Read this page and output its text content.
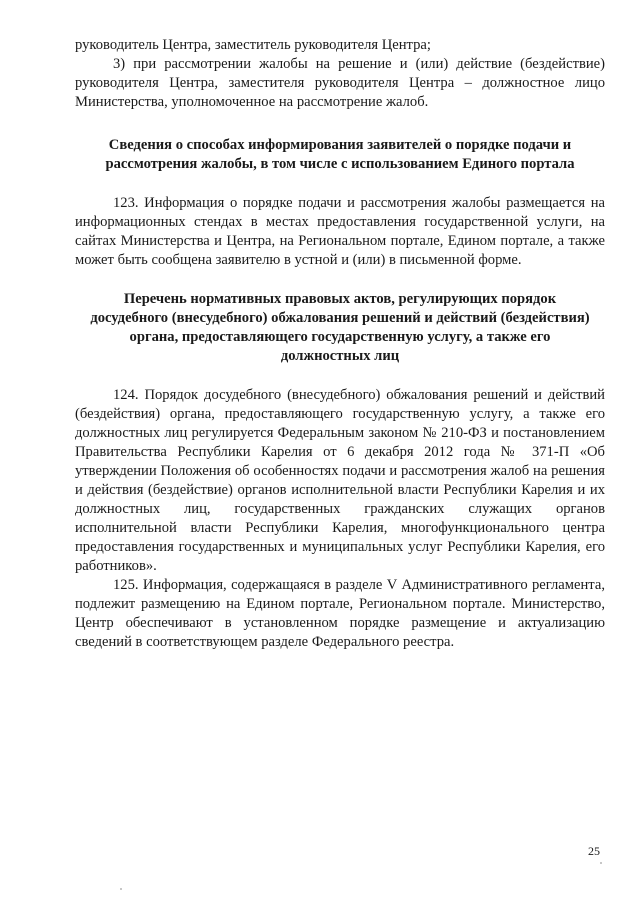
руководитель Центра, заместитель руководителя Центра;

3) при рассмотрении жалобы на решение и (или) действие (бездействие) руководителя Центра, заместителя руководителя Центра – должностное лицо Министерства, уполномоченное на рассмотрение жалоб.

Сведения о способах информирования заявителей о порядке подачи и

рассмотрения жалобы, в том числе с использованием Единого портала

123. Информация о порядке подачи и рассмотрения жалобы размещается на информационных стендах в местах предоставления государственной услуги, на сайтах Министерства и Центра, на Региональном портале, Едином портале, а также может быть сообщена заявителю в устной и (или) в письменной форме.

Перечень нормативных правовых актов, регулирующих порядок

досудебного (внесудебного) обжалования решений и действий (бездействия)

органа, предоставляющего государственную услугу, а также его

должностных лиц

124. Порядок досудебного (внесудебного) обжалования решений и действий (бездействия) органа, предоставляющего государственную услугу, а также его должностных лиц регулируется Федеральным законом № 210-ФЗ и постановлением Правительства Республики Карелия от 6 декабря 2012 года № 371-П «Об утверждении Положения об особенностях подачи и рассмотрения жалоб на решения и действия (бездействие) органов исполнительной власти Республики Карелия и их должностных лиц, государственных гражданских служащих органов исполнительной власти Республики Карелия, многофункционального центра предоставления государственных и муниципальных услуг Республики Карелия, его работников».

125. Информация, содержащаяся в разделе V Административного регламента, подлежит размещению на Едином портале, Региональном портале. Министерство, Центр обеспечивают в установленном порядке размещение и актуализацию сведений в соответствующем разделе Федерального реестра.

25
